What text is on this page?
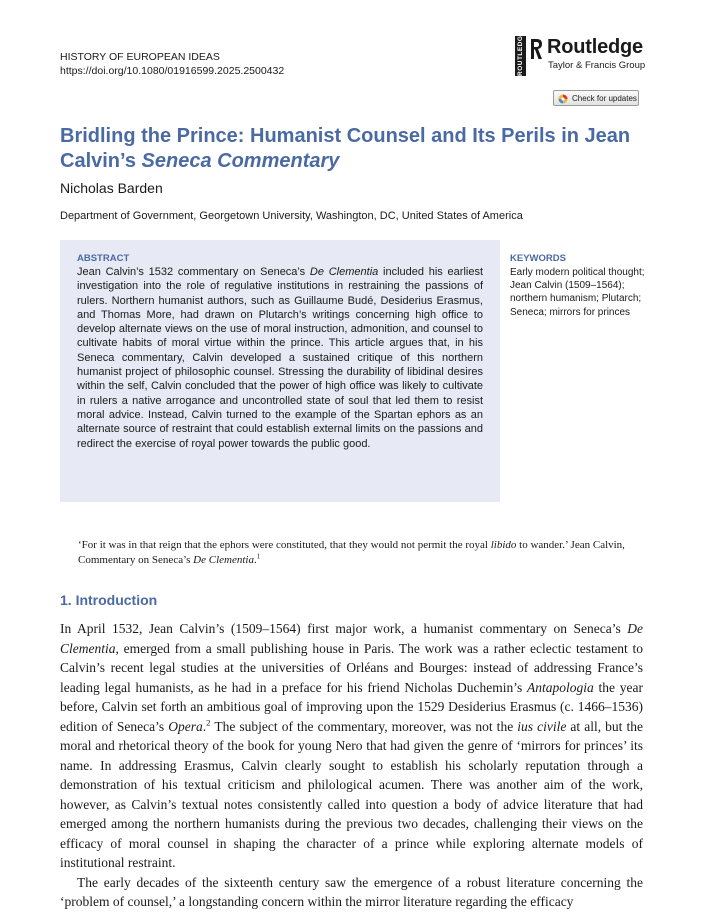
HISTORY OF EUROPEAN IDEAS
https://doi.org/10.1080/01916599.2025.2500432	ROUTLEDGE Routledge
Taylor & Francis Group
Check for updates
Bridling the Prince: Humanist Counsel and Its Perils in Jean Calvin’s Seneca Commentary
Nicholas Barden
Department of Government, Georgetown University, Washington, DC, United States of America
ABSTRACT

Jean Calvin’s 1532 commentary on Seneca’s De Clementia included his earliest investigation into the role of regulative institutions in restraining the passions of rulers. Northern humanist authors, such as Guillaume Budé, Desiderius Erasmus, and Thomas More, had drawn on Plutarch’s writings concerning high office to develop alternate views on the use of moral instruction, admonition, and counsel to cultivate habits of moral virtue within the prince. This article argues that, in his Seneca commentary, Calvin developed a sustained critique of this northern humanist project of philosophic counsel. Stressing the durability of libidinal desires within the self, Calvin concluded that the power of high office was likely to cultivate in rulers a native arrogance and uncontrolled state of soul that led them to resist moral advice. Instead, Calvin turned to the example of the Spartan ephors as an alternate source of restraint that could establish external limits on the passions and redirect the exercise of royal power towards the public good.

KEYWORDS

Early modern political thought; Jean Calvin (1509–1564); northern humanism; Plutarch; Seneca; mirrors for princes

‘For it was in that reign that the ephors were constituted, that they would not permit the royal libido to wander.’ Jean Calvin, Commentary on Seneca’s De Clementia.$^1$

1. Introduction

In April 1532, Jean Calvin’s (1509–1564) first major work, a humanist commentary on Seneca’s De Clementia, emerged from a small publishing house in Paris. The work was a rather eclectic testament to Calvin’s recent legal studies at the universities of Orléans and Bourges: instead of addressing France’s leading legal humanists, as he had in a preface for his friend Nicholas Duchemin’s Antapologia the year before, Calvin set forth an ambitious goal of improving upon the 1529 Desiderius Erasmus (c. 1466–1536) edition of Seneca’s Opera.$^2$ The subject of the commentary, moreover, was not the ius civile at all, but the moral and rhetorical theory of the book for young Nero that had given the genre of ‘mirrors for princes’ its name. In addressing Erasmus, Calvin clearly sought to establish his scholarly reputation through a demonstration of his textual criticism and philological acumen. There was another aim of the work, however, as Calvin’s textual notes consistently called into question a body of advice literature that had emerged among the northern humanists during the previous two decades, challenging their views on the efficacy of moral counsel in shaping the character of a prince while exploring alternate models of institutional restraint.

The early decades of the sixteenth century saw the emergence of a robust literature concerning the ‘problem of counsel,’ a longstanding concern within the mirror literature regarding the efficacy
